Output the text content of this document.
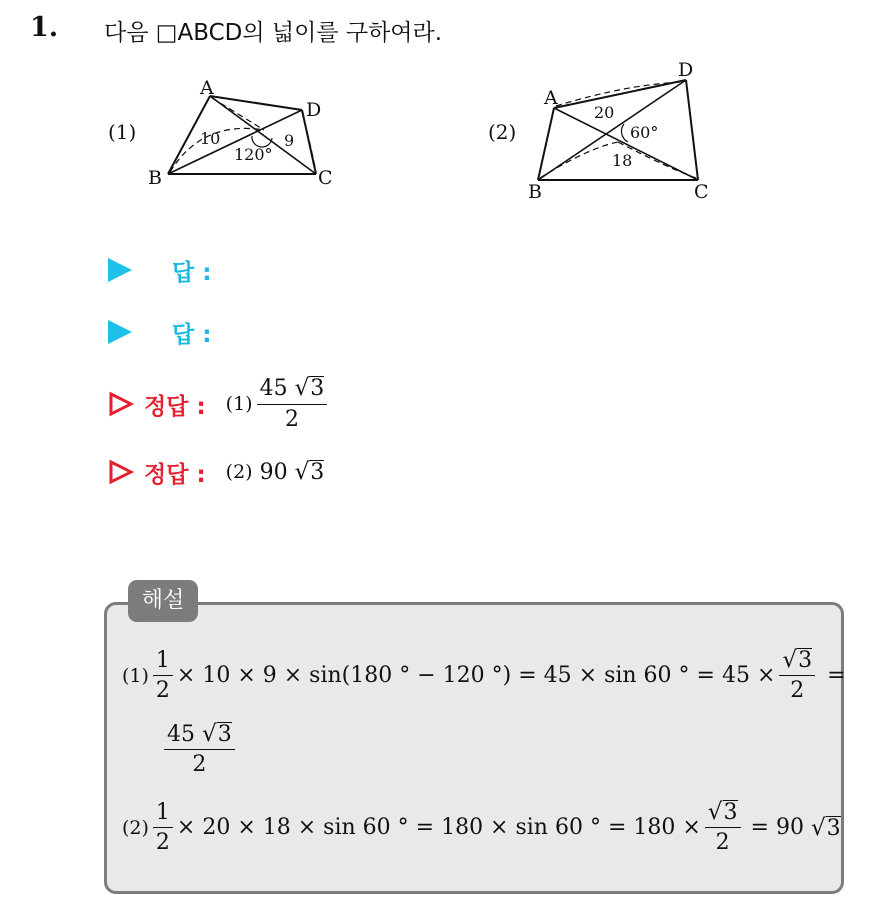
1. 다음 □ABCD의 넓이를 구하여라.
(1)
A
B	C
D
10	9
120°
(2)
A
B	C
D
20
18
60°
답 :
답 :
정답 : $(1) \frac{45 √ 3}{2}$
정답 : (2)
90
√ 3
해설
$(1) \frac{1}{2} \times 10 \times 9 \times \sin(180$ ° − 120 °) = 45 × sin 60 ° = $45 \times \frac{√ 3}{2}$ =
$\frac{45 √ 3}{2}$
$(2) \frac{1}{2} \times 20 \times 18 \times \sin 60$ ° = 180 × sin 60 ° = $180 \times \frac{√ 3}{2} = 90$
√ 3
